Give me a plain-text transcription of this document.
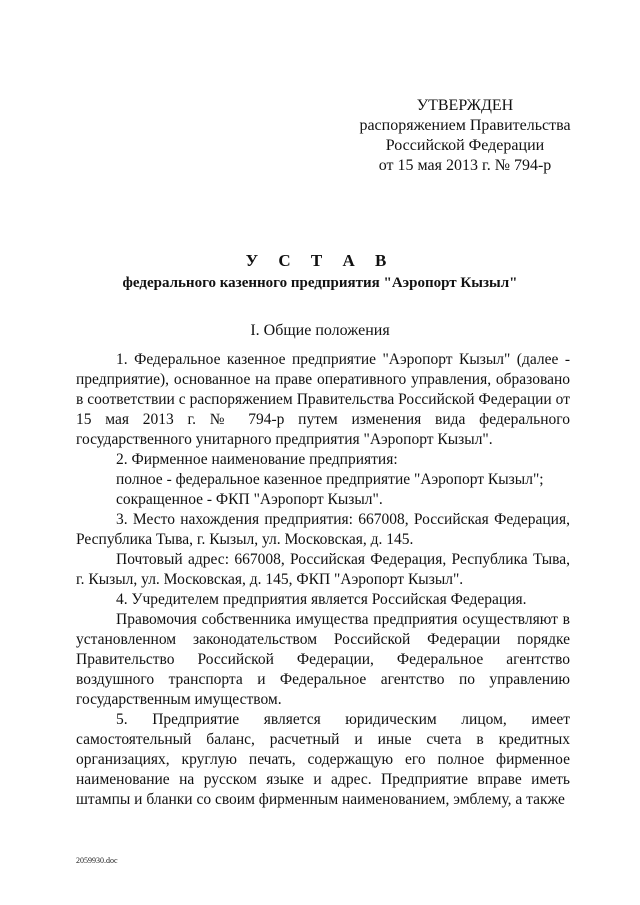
УТВЕРЖДЕН
распоряжением Правительства
Российской Федерации
от 15 мая 2013 г. № 794-р
У С Т А В
федерального казенного предприятия "Аэропорт Кызыл"
I. Общие положения

1. Федеральное казенное предприятие "Аэропорт Кызыл" (далее - предприятие), основанное на праве оперативного управления, образовано в соответствии с распоряжением Правительства Российской Федерации от 15 мая 2013 г. № 794-р путем изменения вида федерального государственного унитарного предприятия "Аэропорт Кызыл".

2. Фирменное наименование предприятия:

полное - федеральное казенное предприятие "Аэропорт Кызыл";
сокращенное - ФКП "Аэропорт Кызыл".

3. Место нахождения предприятия: 667008, Российская Федерация, Республика Тыва, г. Кызыл, ул. Московская, д. 145.

Почтовый адрес: 667008, Российская Федерация, Республика Тыва, г. Кызыл, ул. Московская, д. 145, ФКП "Аэропорт Кызыл".

4. Учредителем предприятия является Российская Федерация.

Правомочия собственника имущества предприятия осуществляют в установленном законодательством Российской Федерации порядке Правительство Российской Федерации, Федеральное агентство воздушного транспорта и Федеральное агентство по управлению государственным имуществом.

5. Предприятие является юридическим лицом, имеет самостоятельный баланс, расчетный и иные счета в кредитных организациях, круглую печать, содержащую его полное фирменное наименование на русском языке и адрес. Предприятие вправе иметь штампы и бланки со своим фирменным наименованием, эмблему, а также

2059930.doc
